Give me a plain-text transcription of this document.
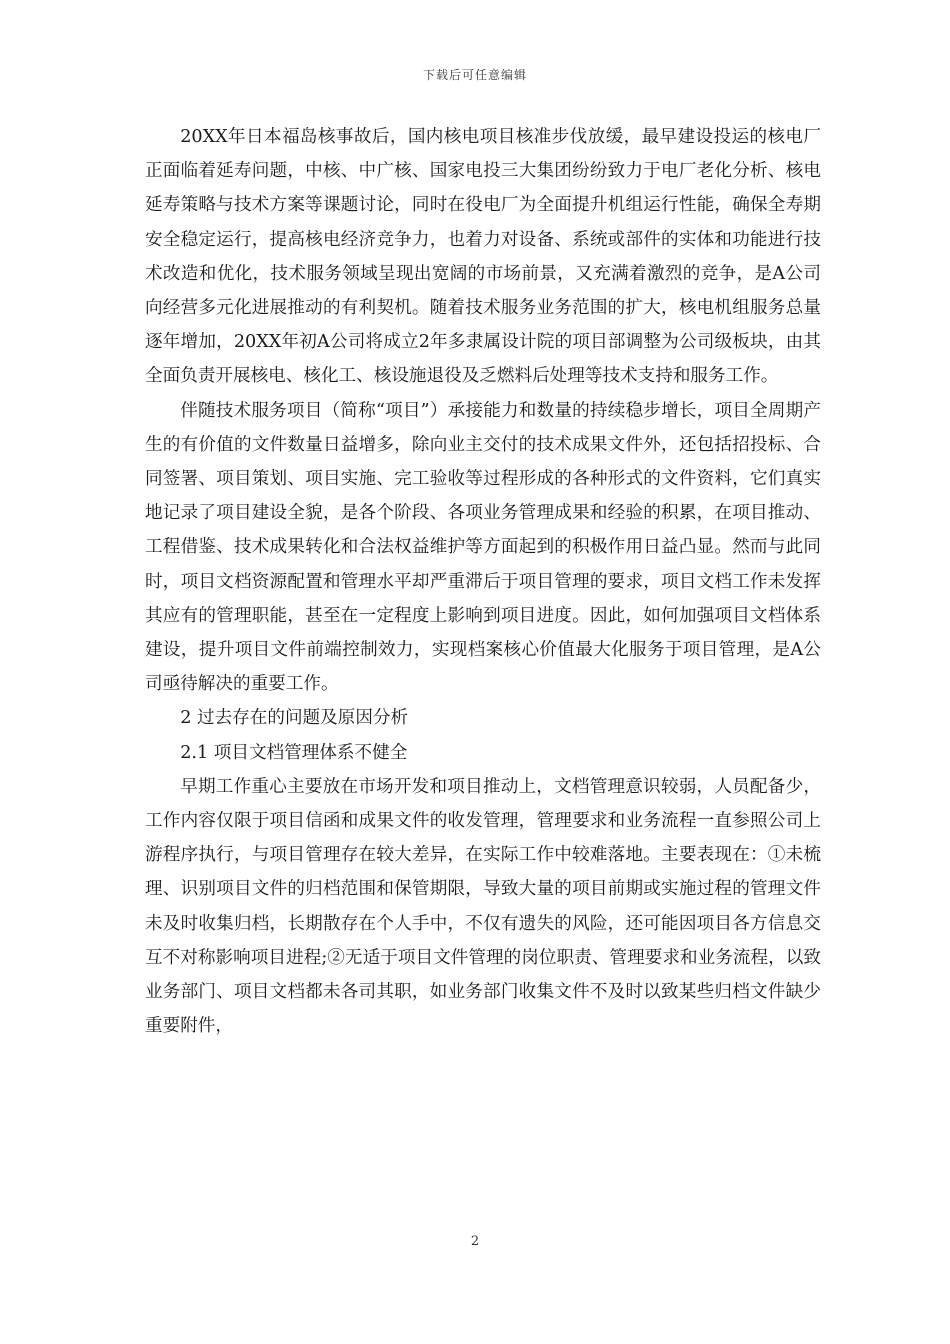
下载后可任意编辑

20XX年日本福岛核事故后，国内核电项目核准步伐放缓，最早建设投运的核电厂正面临着延寿问题，中核、中广核、国家电投三大集团纷纷致力于电厂老化分析、核电延寿策略与技术方案等课题讨论，同时在役电厂为全面提升机组运行性能，确保全寿期安全稳定运行，提高核电经济竞争力，也着力对设备、系统或部件的实体和功能进行技术改造和优化，技术服务领域呈现出宽阔的市场前景，又充满着激烈的竞争，是A公司向经营多元化进展推动的有利契机。随着技术服务业务范围的扩大，核电机组服务总量逐年增加，20XX年初A公司将成立2年多隶属设计院的项目部调整为公司级板块，由其全面负责开展核电、核化工、核设施退役及乏燃料后处理等技术支持和服务工作。

伴随技术服务项目（简称“项目”）承接能力和数量的持续稳步增长，项目全周期产生的有价值的文件数量日益增多，除向业主交付的技术成果文件外，还包括招投标、合同签署、项目策划、项目实施、完工验收等过程形成的各种形式的文件资料，它们真实地记录了项目建设全貌，是各个阶段、各项业务管理成果和经验的积累，在项目推动、工程借鉴、技术成果转化和合法权益维护等方面起到的积极作用日益凸显。然而与此同时，项目文档资源配置和管理水平却严重滞后于项目管理的要求，项目文档工作未发挥其应有的管理职能，甚至在一定程度上影响到项目进度。因此，如何加强项目文档体系建设，提升项目文件前端控制效力，实现档案核心价值最大化服务于项目管理，是A公司亟待解决的重要工作。

2 过去存在的问题及原因分析

2.1 项目文档管理体系不健全

早期工作重心主要放在市场开发和项目推动上，文档管理意识较弱，人员配备少，工作内容仅限于项目信函和成果文件的收发管理，管理要求和业务流程一直参照公司上游程序执行，与项目管理存在较大差异，在实际工作中较难落地。主要表现在：①未梳理、识别项目文件的归档范围和保管期限，导致大量的项目前期或实施过程的管理文件未及时收集归档，长期散存在个人手中，不仅有遗失的风险，还可能因项目各方信息交互不对称影响项目进程;②无适于项目文件管理的岗位职责、管理要求和业务流程，以致业务部门、项目文档都未各司其职，如业务部门收集文件不及时以致某些归档文件缺少重要附件，

2
